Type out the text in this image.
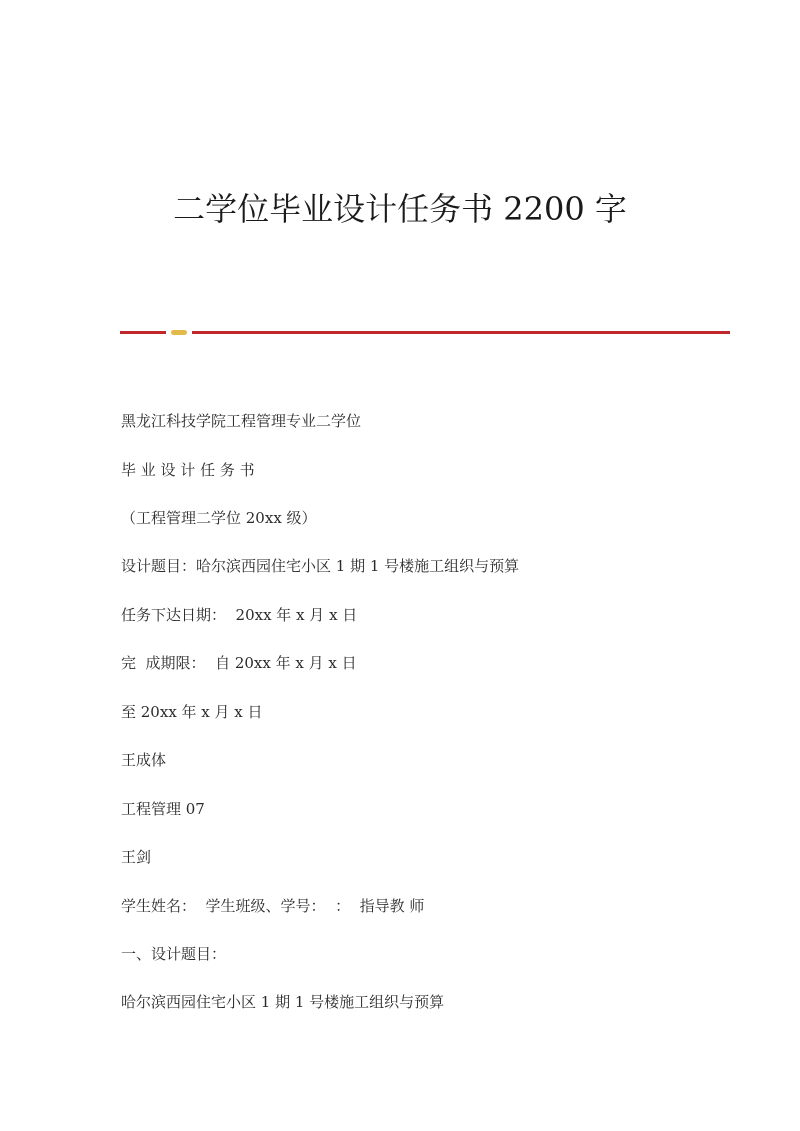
二学位毕业设计任务书 2200 字
黑龙江科技学院工程管理专业二学位
毕 业 设 计 任 务 书
（工程管理二学位 20xx 级）
设计题目：哈尔滨西园住宅小区 1 期 1 号楼施工组织与预算
任务下达日期：  20xx 年 x 月 x 日
完  成期限：  自 20xx 年 x 月 x 日
至 20xx 年 x 月 x 日
王成体
工程管理 07
王剑
学生姓名：  学生班级、学号：  ：  指导教 师
一、设计题目：
哈尔滨西园住宅小区 1 期 1 号楼施工组织与预算
